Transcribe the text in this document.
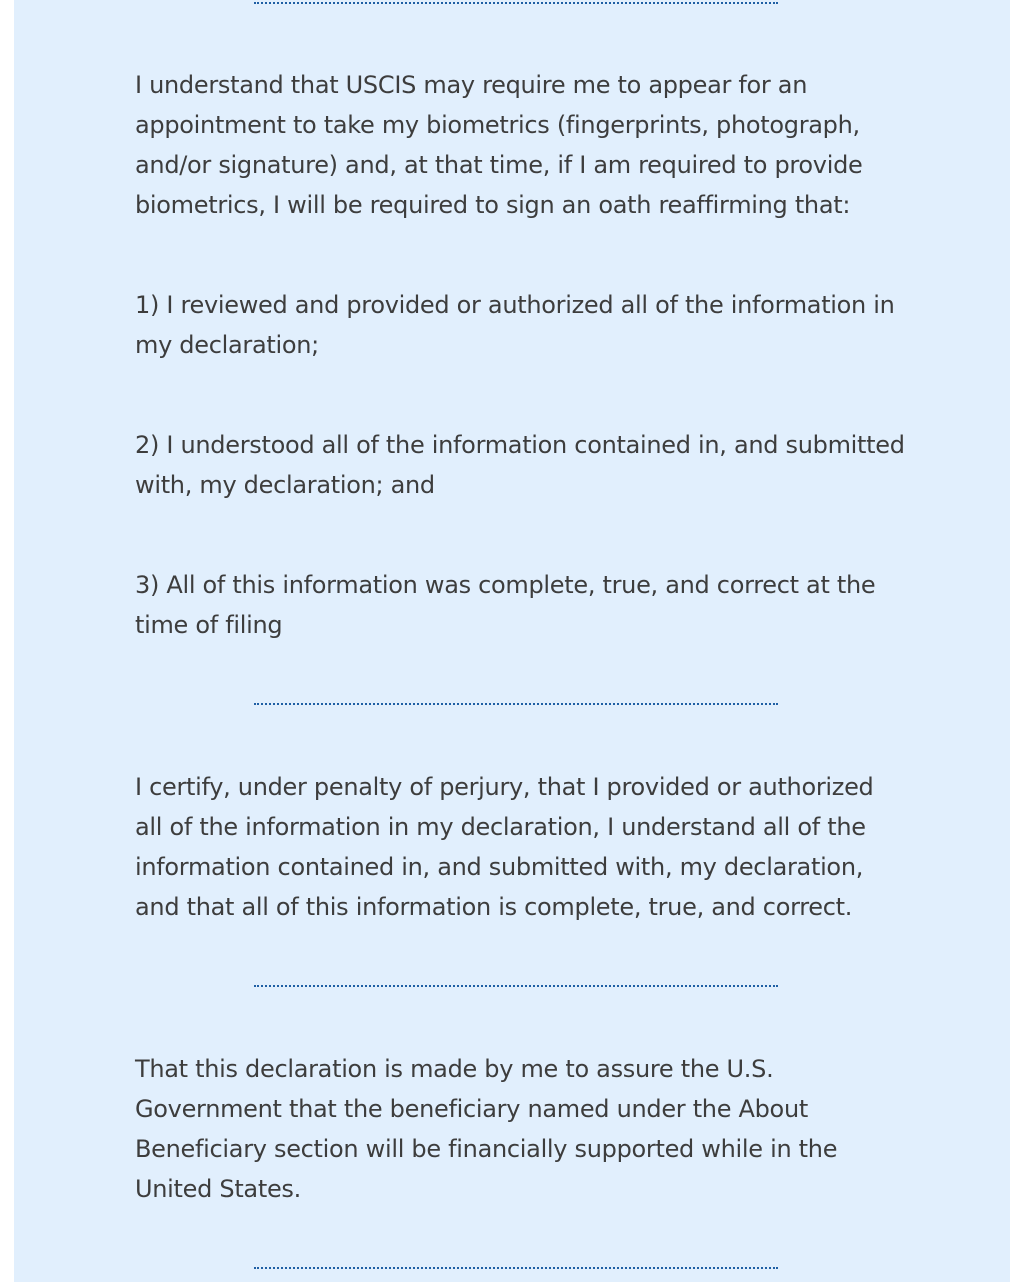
I understand that USCIS may require me to appear for an appointment to take my biometrics (fingerprints, photograph, and/or signature) and, at that time, if I am required to provide biometrics, I will be required to sign an oath reaffirming that:

1) I reviewed and provided or authorized all of the information in my declaration;

2) I understood all of the information contained in, and submitted with, my declaration; and

3) All of this information was complete, true, and correct at the time of filing

I certify, under penalty of perjury, that I provided or authorized all of the information in my declaration, I understand all of the information contained in, and submitted with, my declaration, and that all of this information is complete, true, and correct.

That this declaration is made by me to assure the U.S. Government that the beneficiary named under the About Beneficiary section will be financially supported while in the United States.
